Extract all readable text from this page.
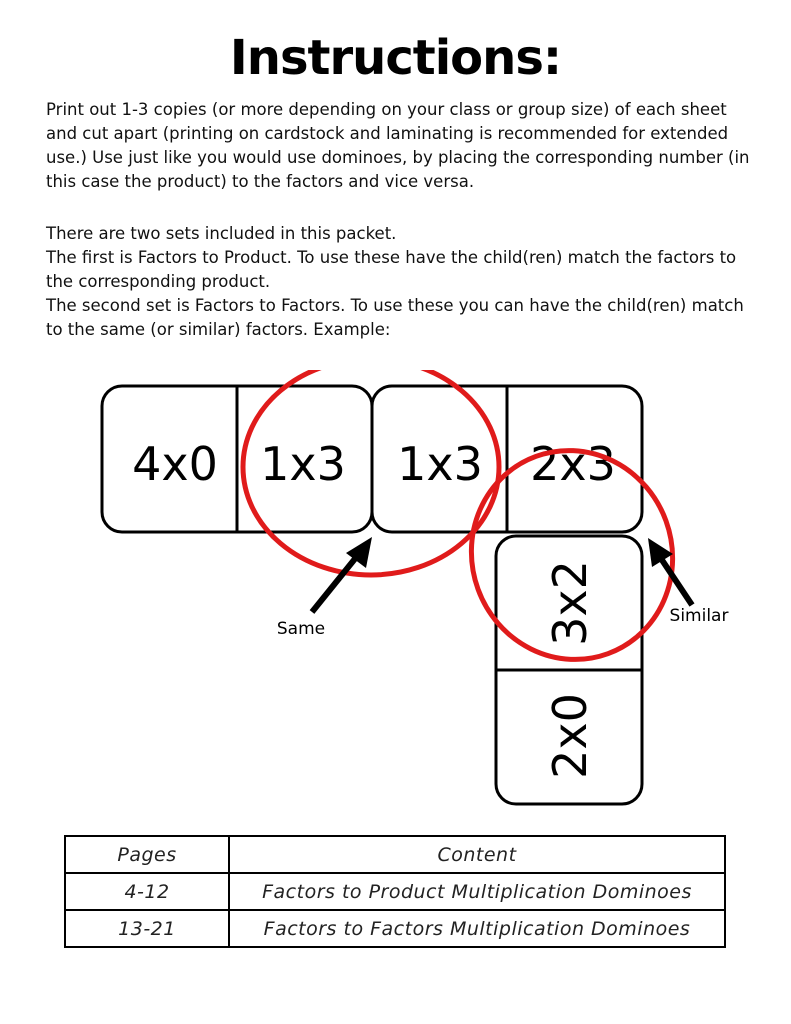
Instructions:

Print out 1-3 copies (or more depending on your class or group size) of each sheet and cut apart (printing on cardstock and laminating is recommended for extended use.) Use just like you would use dominoes, by placing the corresponding number (in this case the product) to the factors and vice versa.

There are two sets included in this packet.
The first is Factors to Product. To use these have the child(ren) match the factors to the corresponding product.
The second set is Factors to Factors. To use these you can have the child(ren) match to the same (or similar) factors. Example:

4x0 1x3 1x3 2x3
3x2
2x0
Same
Similar
Pages	Content
4-12	Factors to Product Multiplication Dominoes
13-21	Factors to Factors Multiplication Dominoes
